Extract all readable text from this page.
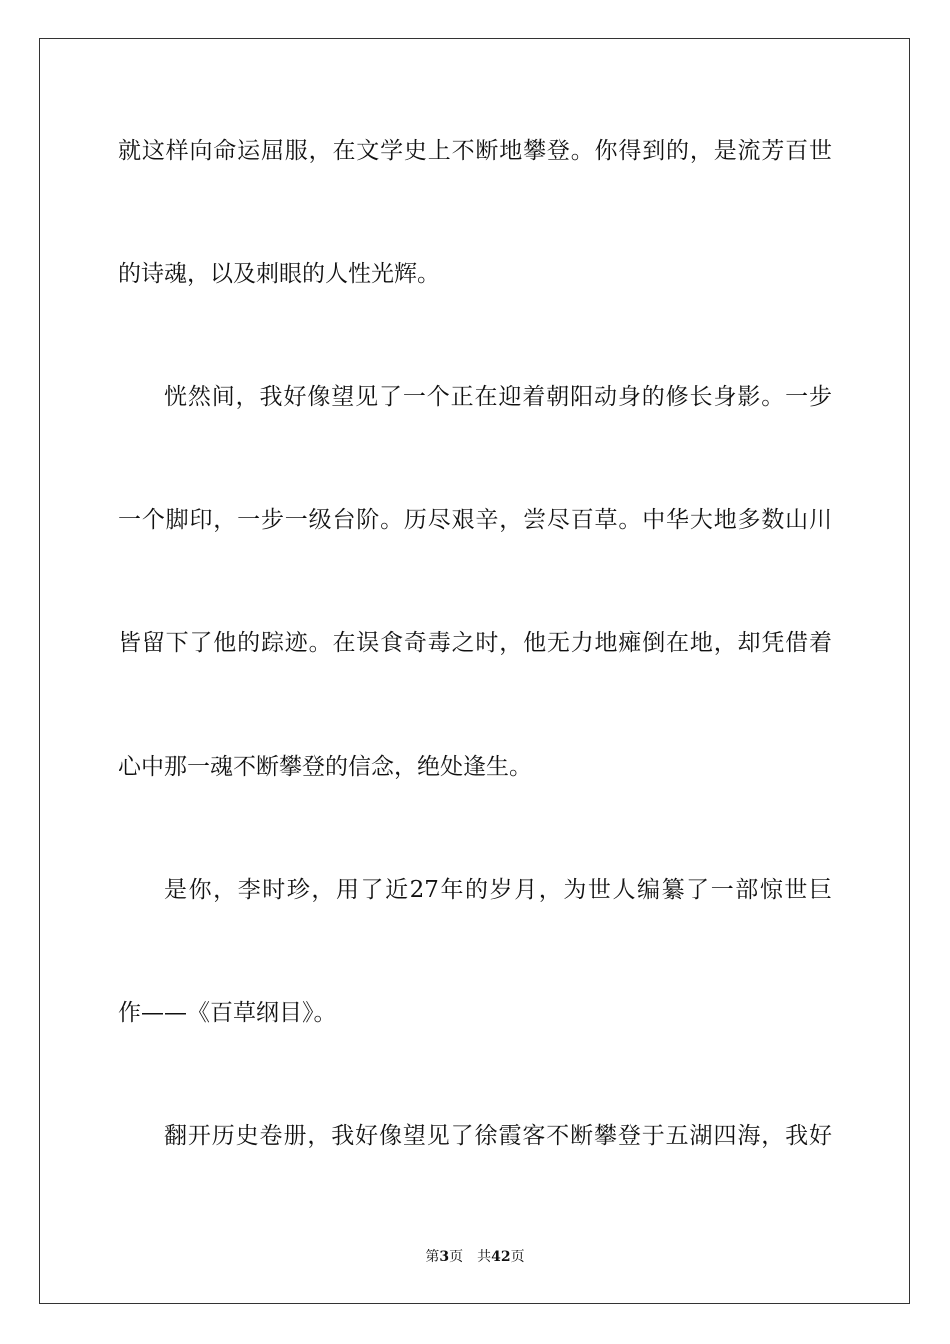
就这样向命运屈服，在文学史上不断地攀登。你得到的，是流芳百世
的诗魂，以及刺眼的人性光辉。
恍然间，我好像望见了一个正在迎着朝阳动身的修长身影。一步
一个脚印，一步一级台阶。历尽艰辛，尝尽百草。中华大地多数山川
皆留下了他的踪迹。在误食奇毒之时，他无力地瘫倒在地，却凭借着
心中那一魂不断攀登的信念，绝处逢生。
是你，李时珍，用了近27年的岁月，为世人编纂了一部惊世巨
作——《百草纲目》。
翻开历史卷册，我好像望见了徐霞客不断攀登于五湖四海，我好
第3页 共42页
